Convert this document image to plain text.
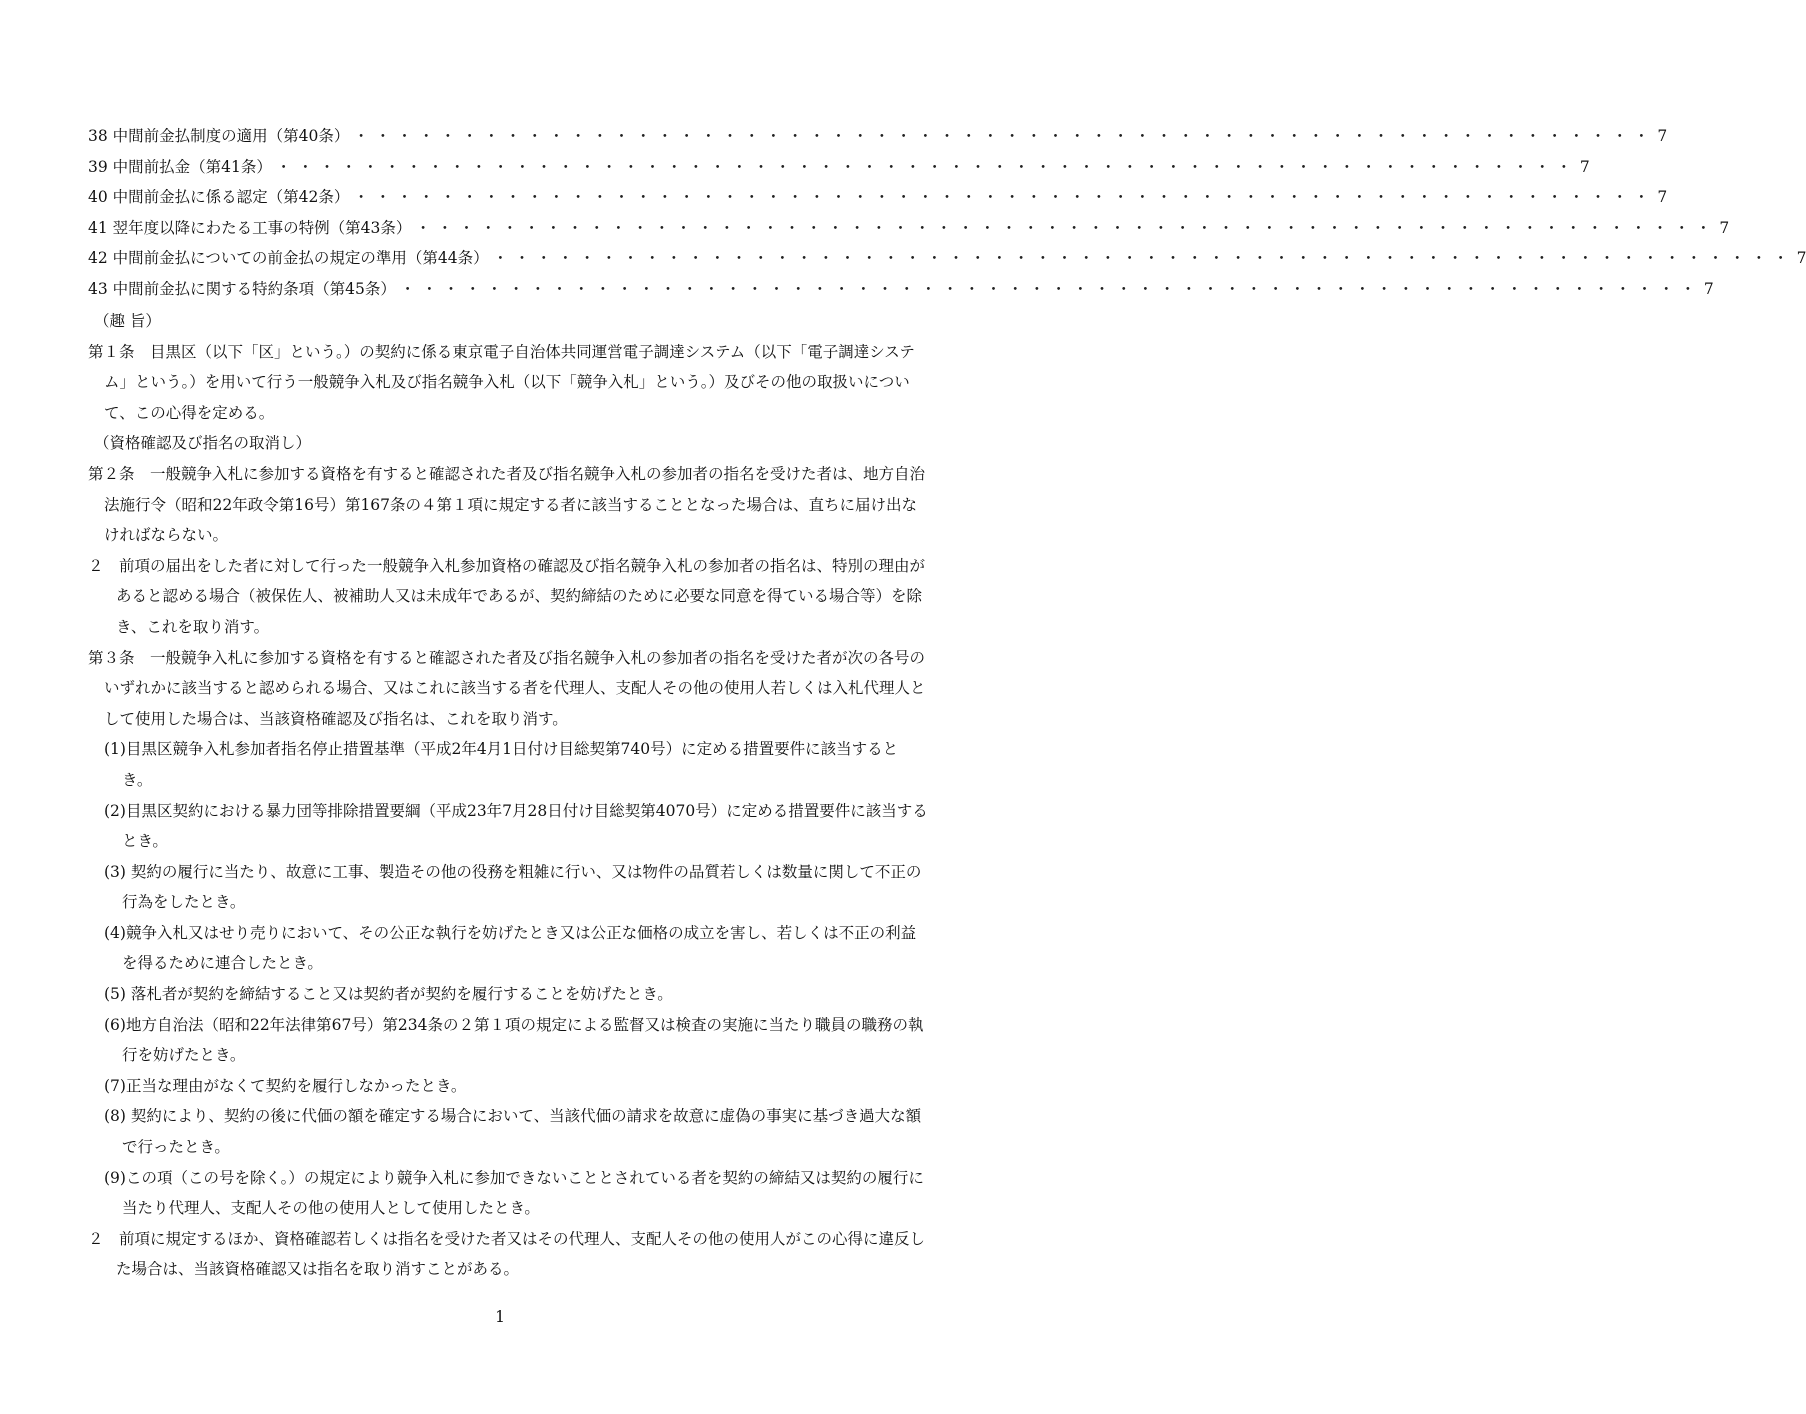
38 中間前金払制度の適用（第40条） ・・・・・・・・・・・・・・・・・・・・・・・・・・・・・・・・・・・・・・・・・・・・・・・・・・・・・・・・・・・・ 7
39 中間前払金（第41条） ・・・・・・・・・・・・・・・・・・・・・・・・・・・・・・・・・・・・・・・・・・・・・・・・・・・・・・・・・・・・ 7
40 中間前金払に係る認定（第42条） ・・・・・・・・・・・・・・・・・・・・・・・・・・・・・・・・・・・・・・・・・・・・・・・・・・・・・・・・・・・・ 7
41 翌年度以降にわたる工事の特例（第43条） ・・・・・・・・・・・・・・・・・・・・・・・・・・・・・・・・・・・・・・・・・・・・・・・・・・・・・・・・・・・・ 7
42 中間前金払についての前金払の規定の準用（第44条） ・・・・・・・・・・・・・・・・・・・・・・・・・・・・・・・・・・・・・・・・・・・・・・・・・・・・・・・・・・・・ 7
43 中間前金払に関する特約条項（第45条） ・・・・・・・・・・・・・・・・・・・・・・・・・・・・・・・・・・・・・・・・・・・・・・・・・・・・・・・・・・・・ 7
（趣 旨）
第１条　目黒区（以下「区」という。）の契約に係る東京電子自治体共同運営電子調達システム（以下「電子調達システム」という。）を用いて行う一般競争入札及び指名競争入札（以下「競争入札」という。）及びその他の取扱いについて、この心得を定める。
（資格確認及び指名の取消し）
第２条　一般競争入札に参加する資格を有すると確認された者及び指名競争入札の参加者の指名を受けた者は、地方自治法施行令（昭和22年政令第16号）第167条の４第１項に規定する者に該当することとなった場合は、直ちに届け出なければならない。
２　前項の届出をした者に対して行った一般競争入札参加資格の確認及び指名競争入札の参加者の指名は、特別の理由があると認める場合（被保佐人、被補助人又は未成年であるが、契約締結のために必要な同意を得ている場合等）を除き、これを取り消す。
第３条　一般競争入札に参加する資格を有すると確認された者及び指名競争入札の参加者の指名を受けた者が次の各号のいずれかに該当すると認められる場合、又はこれに該当する者を代理人、支配人その他の使用人若しくは入札代理人として使用した場合は、当該資格確認及び指名は、これを取り消す。
(1)目黒区競争入札参加者指名停止措置基準（平成2年4月1日付け目総契第740号）に定める措置要件に該当するとき。
(2)目黒区契約における暴力団等排除措置要綱（平成23年7月28日付け目総契第4070号）に定める措置要件に該当するとき。
(3) 契約の履行に当たり、故意に工事、製造その他の役務を粗雑に行い、又は物件の品質若しくは数量に関して不正の行為をしたとき。
(4)競争入札又はせり売りにおいて、その公正な執行を妨げたとき又は公正な価格の成立を害し、若しくは不正の利益を得るために連合したとき。
(5) 落札者が契約を締結すること又は契約者が契約を履行することを妨げたとき。
(6)地方自治法（昭和22年法律第67号）第234条の２第１項の規定による監督又は検査の実施に当たり職員の職務の執行を妨げたとき。
(7)正当な理由がなくて契約を履行しなかったとき。
(8) 契約により、契約の後に代価の額を確定する場合において、当該代価の請求を故意に虚偽の事実に基づき過大な額で行ったとき。
(9)この項（この号を除く。）の規定により競争入札に参加できないこととされている者を契約の締結又は契約の履行に当たり代理人、支配人その他の使用人として使用したとき。
２　前項に規定するほか、資格確認若しくは指名を受けた者又はその代理人、支配人その他の使用人がこの心得に違反した場合は、当該資格確認又は指名を取り消すことがある。
1
